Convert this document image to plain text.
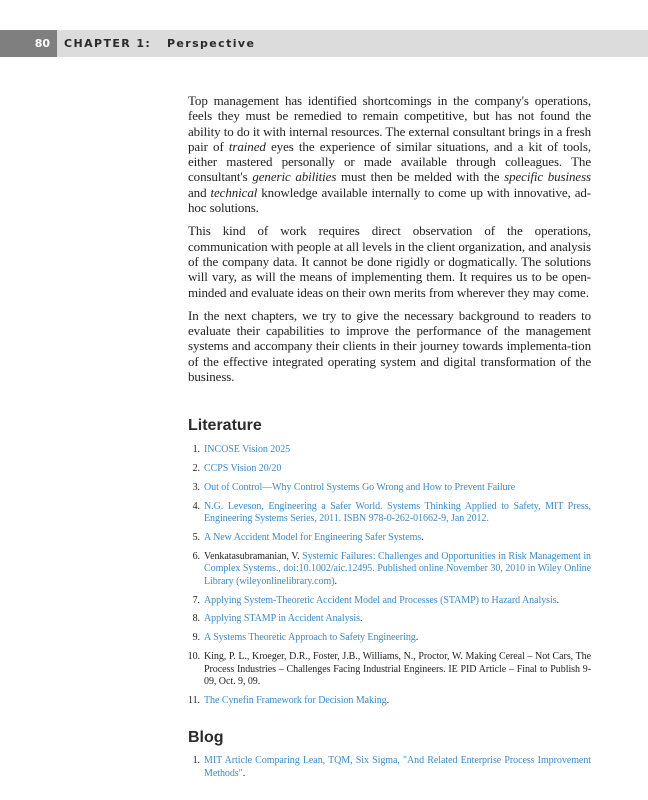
80	CHAPTER 1: Perspective

Top management has identified shortcomings in the company's operations, feels they must be remedied to remain competitive, but has not found the ability to do it with internal resources. The external consultant brings in a fresh pair of trained eyes the experience of similar situations, and a kit of tools, either mastered personally or made available through colleagues. The consultant's generic abilities must then be melded with the specific business and technical knowledge available internally to come up with innovative, ad-hoc solutions.

This kind of work requires direct observation of the operations, communication with people at all levels in the client organization, and analysis of the company data. It cannot be done rigidly or dogmatically. The solutions will vary, as will the means of implementing them. It requires us to be open-minded and evaluate ideas on their own merits from wherever they may come.

In the next chapters, we try to give the necessary background to readers to evaluate their capabilities to improve the performance of the management systems and accompany their clients in their journey towards implementa-tion of the effective integrated operating system and digital transformation of the business.

Literature
1. INCOSE Vision 2025
2. CCPS Vision 20/20
3. Out of Control—Why Control Systems Go Wrong and How to Prevent Failure
4. N.G. Leveson, Engineering a Safer World. Systems Thinking Applied to Safety, MIT Press, Engineering Systems Series, 2011. ISBN 978-0-262-01662-9, Jan 2012.
5. A New Accident Model for Engineering Safer Systems.
6. Venkatasubramanian, V. Systemic Failures: Challenges and Opportunities in Risk Management in Complex Systems., doi:10.1002/aic.12495. Published online November 30, 2010 in Wiley Online Library (wileyonlinelibrary.com).
7. Applying System-Theoretic Accident Model and Processes (STAMP) to Hazard Analysis.
8. Applying STAMP in Accident Analysis.
9. A Systems Theoretic Approach to Safety Engineering.
10. King, P. L., Kroeger, D.R., Foster, J.B., Williams, N., Proctor, W. Making Cereal – Not Cars, The Process Industries – Challenges Facing Industrial Engineers. IE PID Article – Final to Publish 9-09, Oct. 9, 09.
11. The Cynefin Framework for Decision Making.
Blog
1. MIT Article Comparing Lean, TQM, Six Sigma, "And Related Enterprise Process Improvement Methods".
